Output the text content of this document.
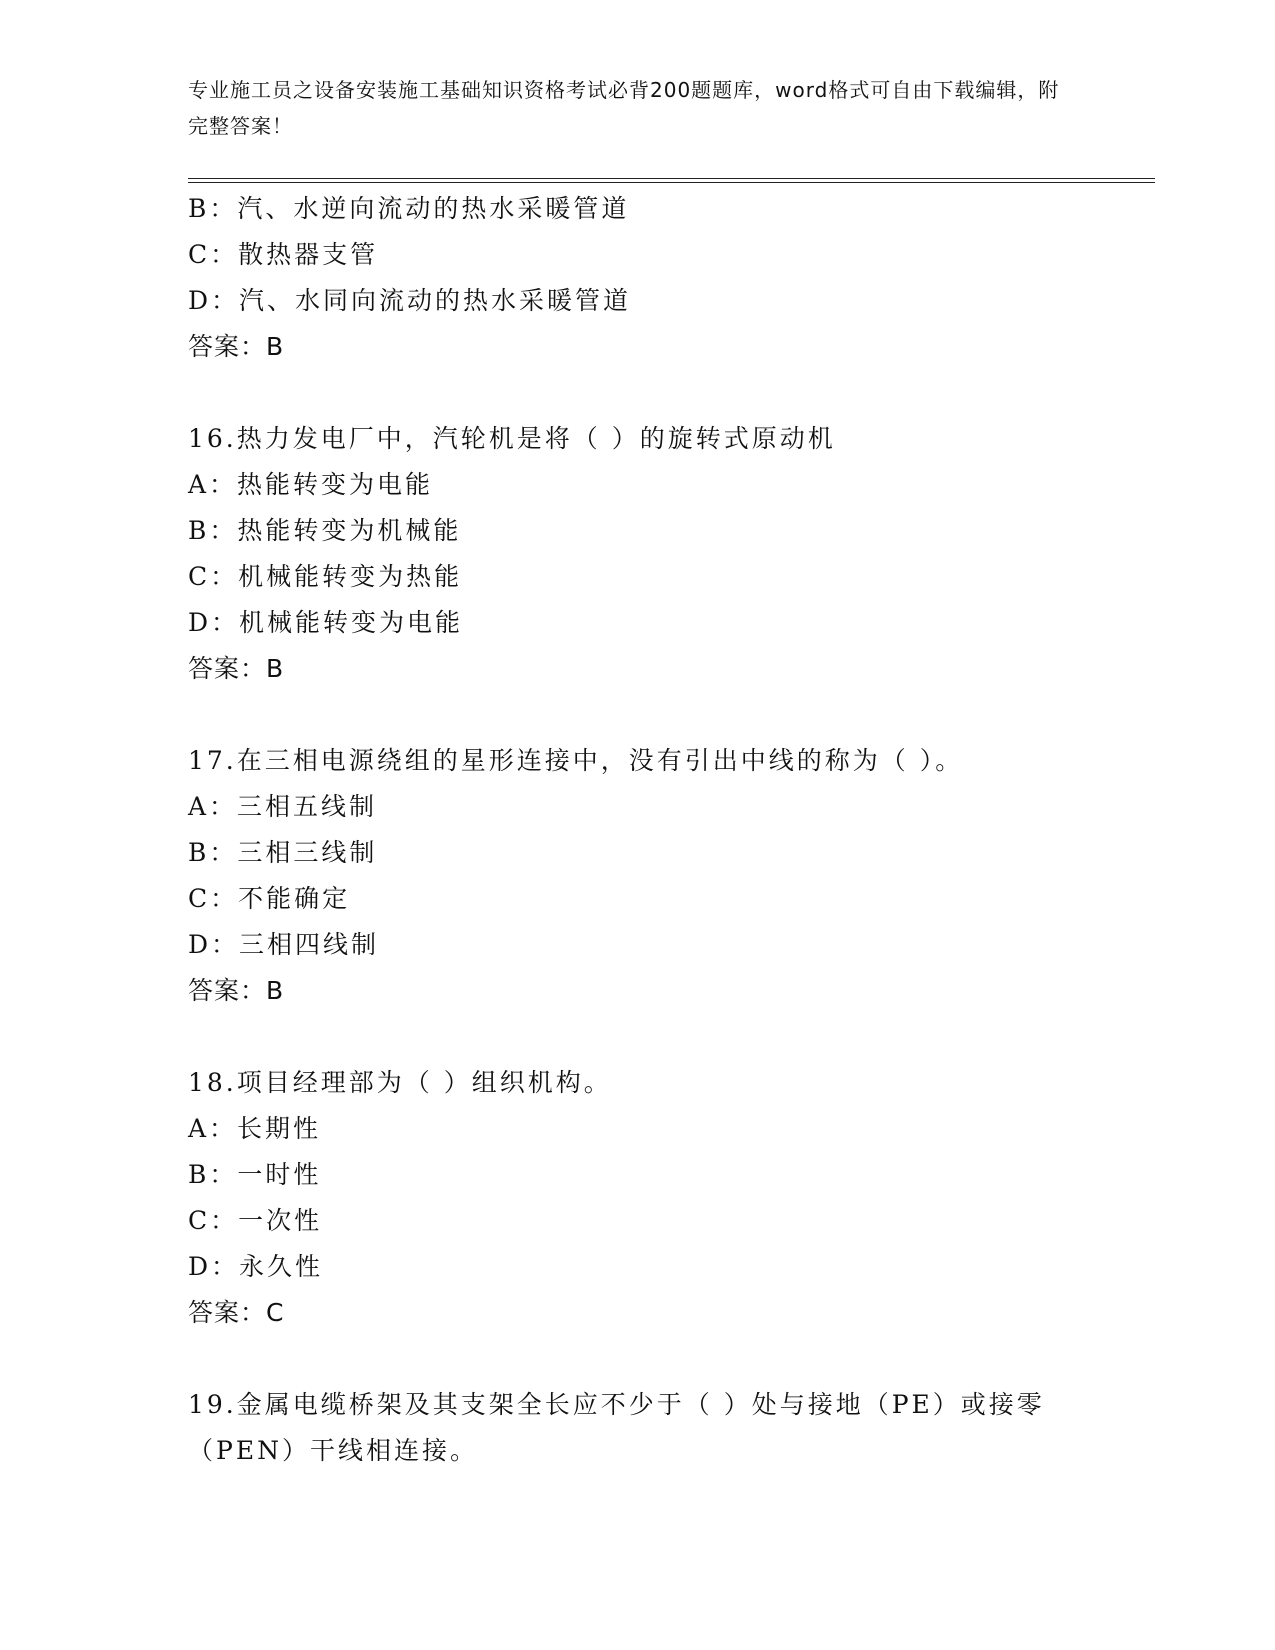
专业施工员之设备安装施工基础知识资格考试必背200题题库，word格式可自由下载编辑，附完整答案！
B：汽、水逆向流动的热水采暖管道
C：散热器支管
D：汽、水同向流动的热水采暖管道
答案：B
16.热力发电厂中，汽轮机是将（ ）的旋转式原动机
A：热能转变为电能
B：热能转变为机械能
C：机械能转变为热能
D：机械能转变为电能
答案：B
17.在三相电源绕组的星形连接中，没有引出中线的称为（ ）。
A：三相五线制
B：三相三线制
C：不能确定
D：三相四线制
答案：B
18.项目经理部为（ ）组织机构。
A：长期性
B：一时性
C：一次性
D：永久性
答案：C
19.金属电缆桥架及其支架全长应不少于（ ）处与接地（PE）或接零（PEN）干线相连接。
